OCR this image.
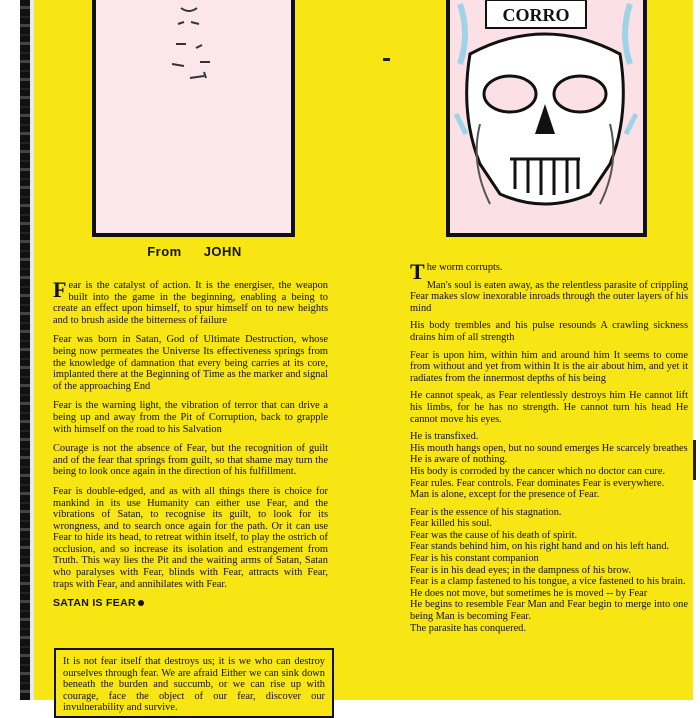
From JOHN
CORRO

Fear is the catalyst of action. It is the energiser, the weapon built into the game in the beginning, enabling a being to create an effect upon himself, to spur himself on to new heights and to brush aside the bitterness of failure

Fear was born in Satan, God of Ultimate Destruction, whose being now permeates the Universe Its effectiveness springs from the knowledge of damnation that every being carries at its core, implanted there at the Beginning of Time as the marker and signal of the approaching End

Fear is the warning light, the vibration of terror that can drive a being up and away from the Pit of Corruption, back to grapple with himself on the road to his Salvation

Courage is not the absence of Fear, but the recognition of guilt and of the fear that springs from guilt, so that shame may turn the being to look once again in the direction of his fulfillment.

Fear is double-edged, and as with all things there is choice for mankind in its use Humanity can either use Fear, and the vibrations of Satan, to recognise its guilt, to look for its wrongness, and to search once again for the path. Or it can use Fear to hide its head, to retreat within itself, to play the ostrich of occlusion, and so increase its isolation and estrangement from Truth. This way lies the Pit and the waiting arms of Satan, Satan who paralyses with Fear, blinds with Fear, attracts with Fear, traps with Fear, and annihilates with Fear.

SATAN IS FEAR
It is not fear itself that destroys us; it is we who can destroy ourselves through fear. We are afraid Either we can sink down beneath the burden and succumb, or we can rise up with courage, face the object of our fear, discover our invulnerability and survive.

The worm corrupts.

Man's soul is eaten away, as the relentless parasite of crippling Fear makes slow inexorable inroads through the outer layers of his mind

His body trembles and his pulse resounds A crawling sickness drains him of all strength

Fear is upon him, within him and around him It seems to come from without and yet from within It is the air about him, and yet it radiates from the innermost depths of his being

He cannot speak, as Fear relentlessly destroys him He cannot lift his limbs, for he has no strength. He cannot turn his head He cannot move his eyes.

He is transfixed.

His mouth hangs open, but no sound emerges He scarcely breathes

He is aware of nothing.

His body is corroded by the cancer which no doctor can cure.

Fear rules. Fear controls. Fear dominates Fear is everywhere.

Man is alone, except for the presence of Fear.

Fear is the essence of his stagnation.

Fear killed his soul.

Fear was the cause of his death of spirit.

Fear stands behind him, on his right hand and on his left hand.

Fear is his constant companion

Fear is in his dead eyes; in the dampness of his brow.

Fear is a clamp fastened to his tongue, a vice fastened to his brain.

He does not move, but sometimes he is moved -- by Fear

He begins to resemble Fear Man and Fear begin to merge into one being Man is becoming Fear.

The parasite has conquered.
